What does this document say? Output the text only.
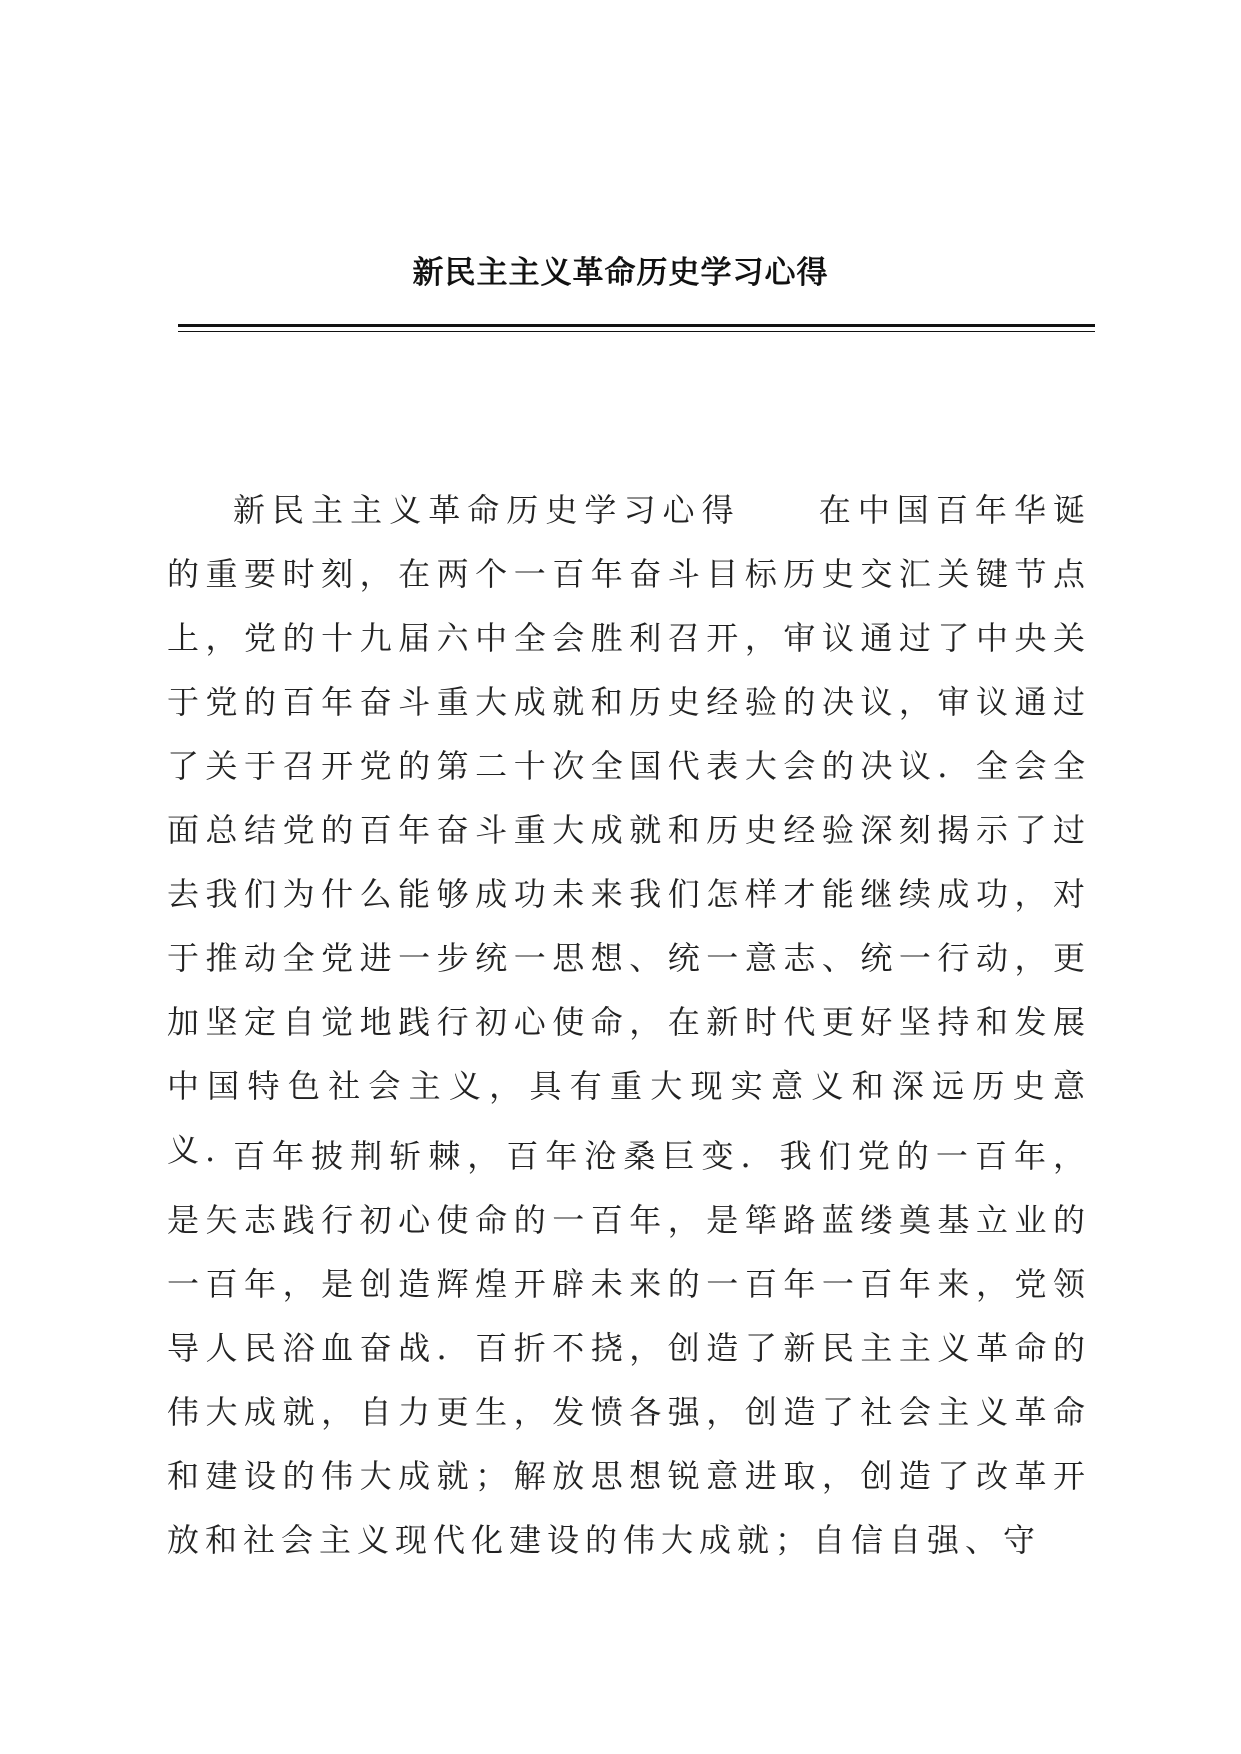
新民主主义革命历史学习心得

新民主主义革命历史学习心得　　在中国百年华诞的重要时刻，在两个一百年奋斗目标历史交汇关键节点上，党的十九届六中全会胜利召开，审议通过了中央关于党的百年奋斗重大成就和历史经验的决议，审议通过了关于召开党的第二十次全国代表大会的决议．全会全面总结党的百年奋斗重大成就和历史经验深刻揭示了过去我们为什么能够成功未来我们怎样才能继续成功，对于推动全党进一步统一思想、统一意志、统一行动，更加坚定自觉地践行初心使命，在新时代更好坚持和发展中国特色社会主义，具有重大现实意义和深远历史意义. 百年披荆斩棘，百年沧桑巨变．我们党的一百年，是矢志践行初心使命的一百年，是筚路蓝缕奠基立业的一百年，是创造辉煌开辟未来的一百年一百年来，党领导人民浴血奋战．百折不挠，创造了新民主主义革命的伟大成就，自力更生，发愤各强，创造了社会主义革命和建设的伟大成就；解放思想锐意进取，创造了改革开放和社会主义现代化建设的伟大成就；自信自强、守
